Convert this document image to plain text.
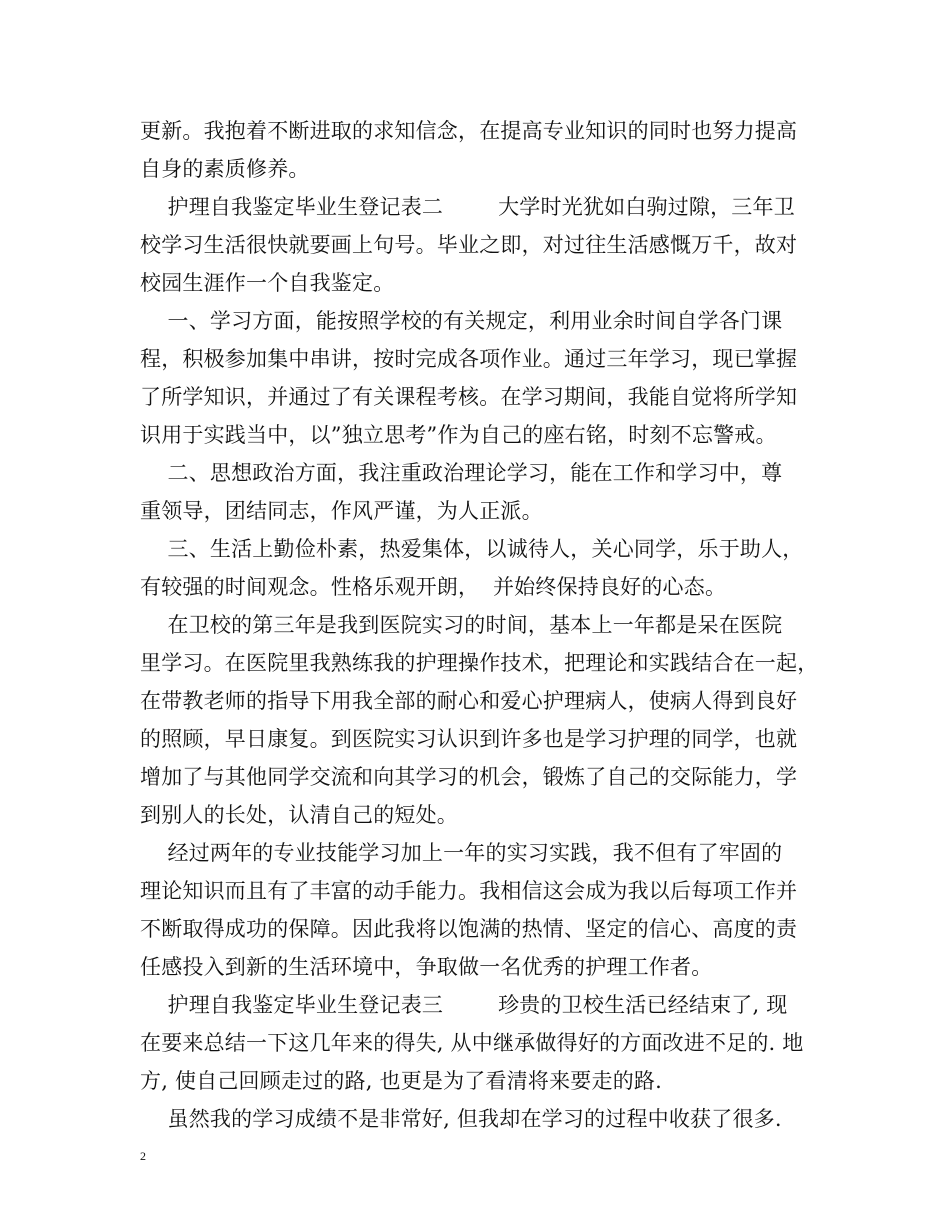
更新。我抱着不断进取的求知信念，在提高专业知识的同时也努力提高
自身的素质修养。
护理自我鉴定毕业生登记表二        大学时光犹如白驹过隙，三年卫
校学习生活很快就要画上句号。毕业之即，对过往生活感慨万千，故对
校园生涯作一个自我鉴定。
一、学习方面，能按照学校的有关规定，利用业余时间自学各门课
程，积极参加集中串讲，按时完成各项作业。通过三年学习，现已掌握
了所学知识，并通过了有关课程考核。在学习期间，我能自觉将所学知
识用于实践当中，以”独立思考”作为自己的座右铭，时刻不忘警戒。
二、思想政治方面，我注重政治理论学习，能在工作和学习中，尊
重领导，团结同志，作风严谨，为人正派。
三、生活上勤俭朴素，热爱集体，以诚待人，关心同学，乐于助人，
有较强的时间观念。性格乐观开朗，  并始终保持良好的心态。
在卫校的第三年是我到医院实习的时间，基本上一年都是呆在医院
里学习。在医院里我熟练我的护理操作技术，把理论和实践结合在一起，
在带教老师的指导下用我全部的耐心和爱心护理病人，使病人得到良好
的照顾，早日康复。到医院实习认识到许多也是学习护理的同学，也就
增加了与其他同学交流和向其学习的机会，锻炼了自己的交际能力，学
到别人的长处，认清自己的短处。
经过两年的专业技能学习加上一年的实习实践，我不但有了牢固的
理论知识而且有了丰富的动手能力。我相信这会成为我以后每项工作并
不断取得成功的保障。因此我将以饱满的热情、坚定的信心、高度的责
任感投入到新的生活环境中，争取做一名优秀的护理工作者。
护理自我鉴定毕业生登记表三        珍贵的卫校生活已经结束了, 现
在要来总结一下这几年来的得失, 从中继承做得好的方面改进不足的. 地
方, 使自己回顾走过的路, 也更是为了看清将来要走的路.
虽然我的学习成绩不是非常好, 但我却在学习的过程中收获了很多.
2
